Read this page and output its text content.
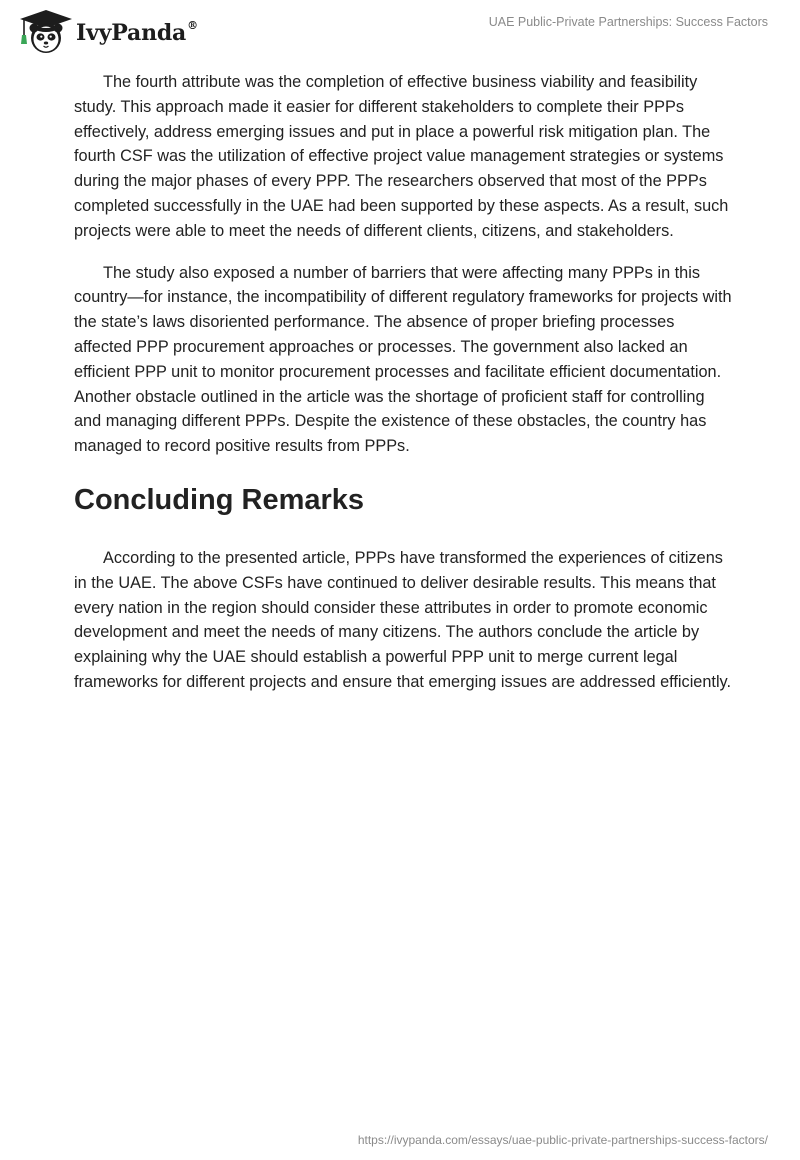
IvyPanda®	UAE Public-Private Partnerships: Success Factors

The fourth attribute was the completion of effective business viability and feasibility study. This approach made it easier for different stakeholders to complete their PPPs effectively, address emerging issues and put in place a powerful risk mitigation plan. The fourth CSF was the utilization of effective project value management strategies or systems during the major phases of every PPP. The researchers observed that most of the PPPs completed successfully in the UAE had been supported by these aspects. As a result, such projects were able to meet the needs of different clients, citizens, and stakeholders.

The study also exposed a number of barriers that were affecting many PPPs in this country—for instance, the incompatibility of different regulatory frameworks for projects with the state’s laws disoriented performance. The absence of proper briefing processes affected PPP procurement approaches or processes. The government also lacked an efficient PPP unit to monitor procurement processes and facilitate efficient documentation. Another obstacle outlined in the article was the shortage of proficient staff for controlling and managing different PPPs. Despite the existence of these obstacles, the country has managed to record positive results from PPPs.

Concluding Remarks

According to the presented article, PPPs have transformed the experiences of citizens in the UAE. The above CSFs have continued to deliver desirable results. This means that every nation in the region should consider these attributes in order to promote economic development and meet the needs of many citizens. The authors conclude the article by explaining why the UAE should establish a powerful PPP unit to merge current legal frameworks for different projects and ensure that emerging issues are addressed efficiently.

https://ivypanda.com/essays/uae-public-private-partnerships-success-factors/
